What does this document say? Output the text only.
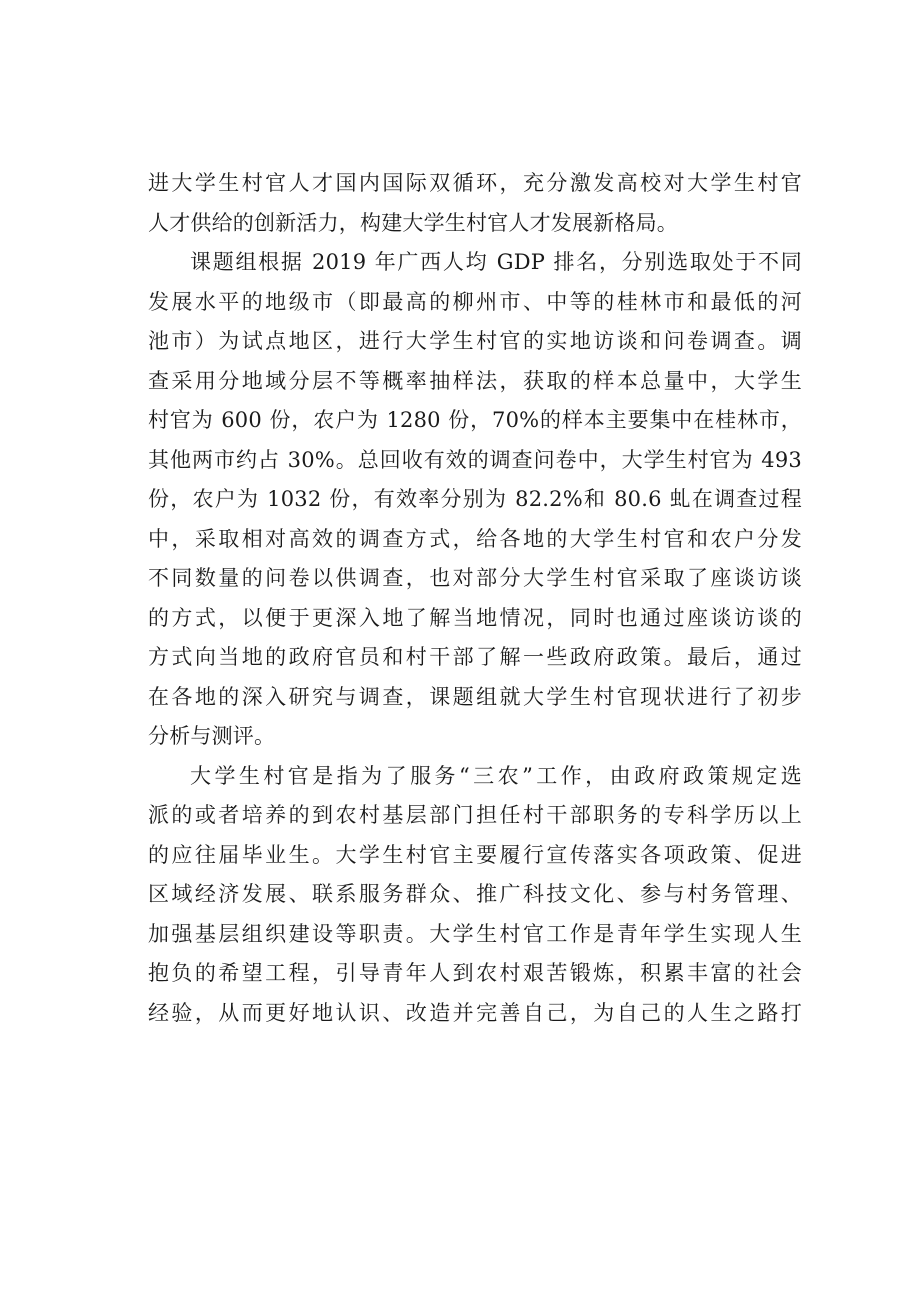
进大学生村官人才国内国际双循环，充分激发高校对大学生村官
人才供给的创新活力，构建大学生村官人才发展新格局。
课题组根据 2019 年广西人均 GDP 排名，分别选取处于不同
发展水平的地级市（即最高的柳州市、中等的桂林市和最低的河
池市）为试点地区，进行大学生村官的实地访谈和问卷调查。调
查采用分地域分层不等概率抽样法，获取的样本总量中，大学生
村官为 600 份，农户为 1280 份，70%的样本主要集中在桂林市，
其他两市约占 30%。总回收有效的调查问卷中，大学生村官为 493
份，农户为 1032 份，有效率分别为 82.2%和 80.6 虬在调查过程
中，采取相对高效的调查方式，给各地的大学生村官和农户分发
不同数量的问卷以供调查，也对部分大学生村官采取了座谈访谈
的方式，以便于更深入地了解当地情况，同时也通过座谈访谈的
方式向当地的政府官员和村干部了解一些政府政策。最后，通过
在各地的深入研究与调查，课题组就大学生村官现状进行了初步
分析与测评。
大学生村官是指为了服务“三农”工作，由政府政策规定选
派的或者培养的到农村基层部门担任村干部职务的专科学历以上
的应往届毕业生。大学生村官主要履行宣传落实各项政策、促进
区域经济发展、联系服务群众、推广科技文化、参与村务管理、
加强基层组织建设等职责。大学生村官工作是青年学生实现人生
抱负的希望工程，引导青年人到农村艰苦锻炼，积累丰富的社会
经验，从而更好地认识、改造并完善自己，为自己的人生之路打
